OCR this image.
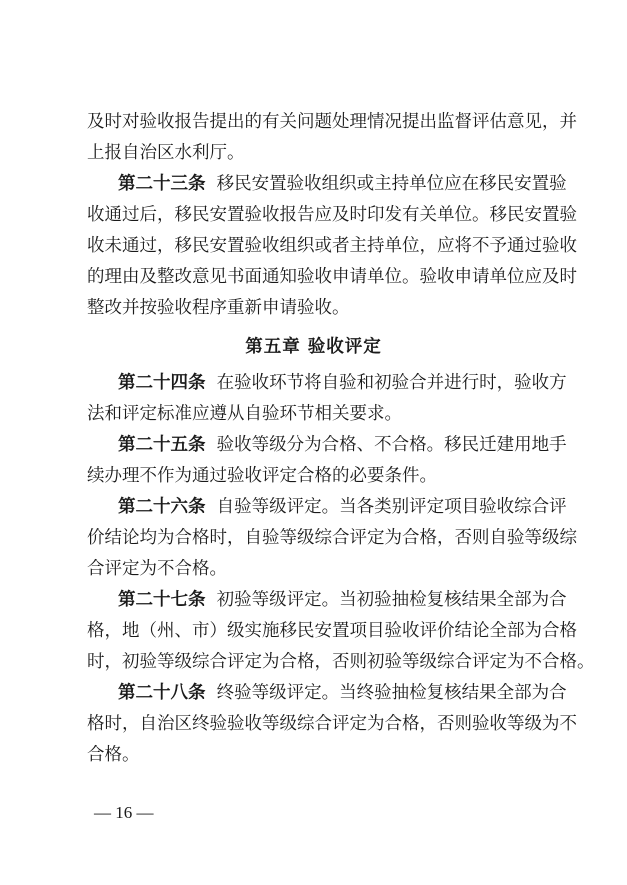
及时对验收报告提出的有关问题处理情况提出监督评估意见，并
上报自治区水利厅。
第二十三条 移民安置验收组织或主持单位应在移民安置验
收通过后，移民安置验收报告应及时印发有关单位。移民安置验
收未通过，移民安置验收组织或者主持单位，应将不予通过验收
的理由及整改意见书面通知验收申请单位。验收申请单位应及时
整改并按验收程序重新申请验收。
第五章 验收评定
第二十四条 在验收环节将自验和初验合并进行时，验收方
法和评定标准应遵从自验环节相关要求。
第二十五条 验收等级分为合格、不合格。移民迁建用地手
续办理不作为通过验收评定合格的必要条件。
第二十六条 自验等级评定。当各类别评定项目验收综合评
价结论均为合格时，自验等级综合评定为合格，否则自验等级综
合评定为不合格。
第二十七条 初验等级评定。当初验抽检复核结果全部为合
格，地（州、市）级实施移民安置项目验收评价结论全部为合格
时，初验等级综合评定为合格，否则初验等级综合评定为不合格。
第二十八条 终验等级评定。当终验抽检复核结果全部为合
格时，自治区终验验收等级综合评定为合格，否则验收等级为不
合格。
— 16 —
